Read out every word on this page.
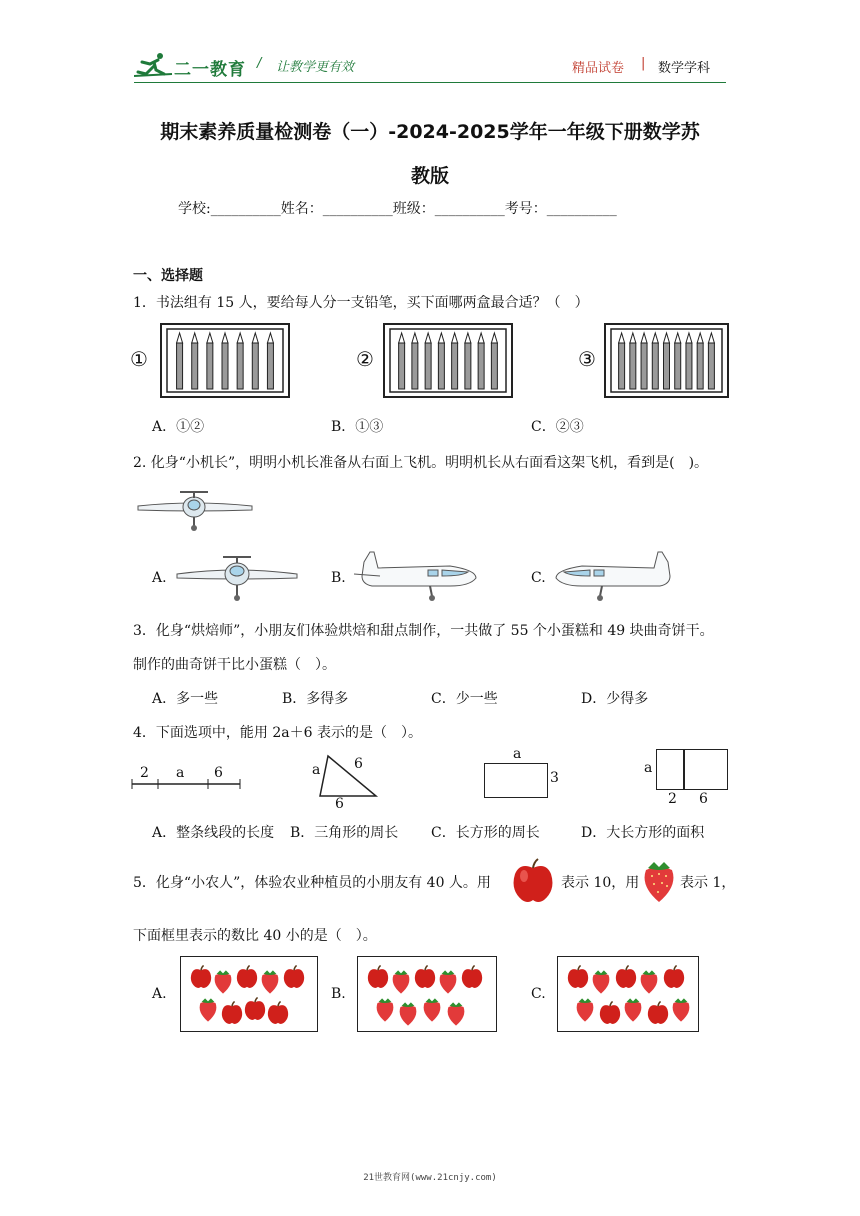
二一教育 / 让教学更有效	精品试卷 | 数学学科
期末素养质量检测卷（一）-2024-2025学年一年级下册数学苏
教版
学校:__________姓名：__________班级：__________考号：__________
一、选择题
1．书法组有 15 人，要给每人分一支铅笔，买下面哪两盒最合适？（　）
①	②	③
A．①②	B．①③	C．②③
2. 化身“小机长”，明明小机长准备从右面上飞机。明明机长从右面看这架飞机，看到是(　)。
A.	B.	C.
3．化身“烘焙师”，小朋友们体验烘焙和甜点制作，一共做了 55 个小蛋糕和 49 块曲奇饼干。
制作的曲奇饼干比小蛋糕（　）。
A．多一些	B．多得多	C．少一些	D．少得多
4．下面选项中，能用 2a＋6 表示的是（　）。
2 a 6	a 6
6
a
3
a
2 6
A．整条线段的长度 B．三角形的周长 C．长方形的周长	D．大长方形的面积
5．化身“小农人”，体验农业种植员的小朋友有 40 人。用	表示 10，用	表示 1，
下面框里表示的数比 40 小的是（　）。
A.	B.	C.
21世教育网(www.21cnjy.com)
